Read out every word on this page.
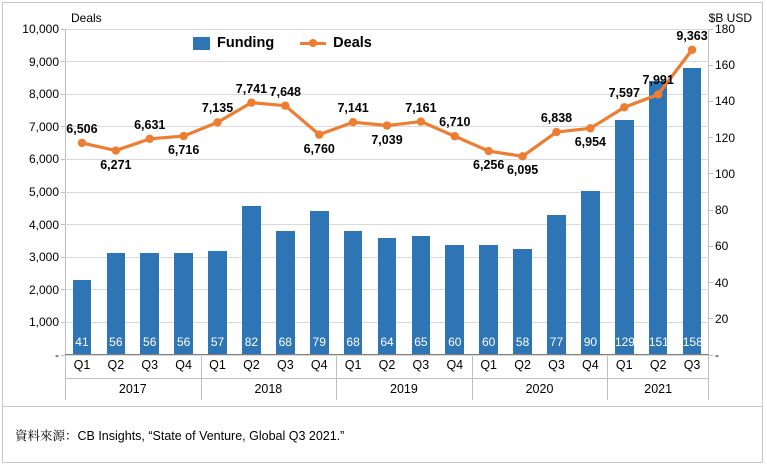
Deals	$B USD
Funding	Deals
-
1,000
2,000
3,000
4,000
5,000
6,000
7,000
8,000
9,000
10,000
-
20
40
60
80
100
120
140
160
180
41 56 56 56 57 82 68 79 68 64 65 60 60 58 77 90 129 151 158
6,506
6,271
6,631
6,716
7,135
7,741 7,648
6,760
7,141
7,039
7,161
6,710
6,256 6,095
6,838
6,954
7,597
7,991
9,363
Q1 Q2 Q3 Q4 Q1 Q2 Q3 Q4 Q1 Q2 Q3 Q4 Q1 Q2 Q3 Q4 Q1 Q2 Q3
2017	2018	2019	2020	2021
資料來源：CB Insights, “State of Venture, Global Q3 2021.”
